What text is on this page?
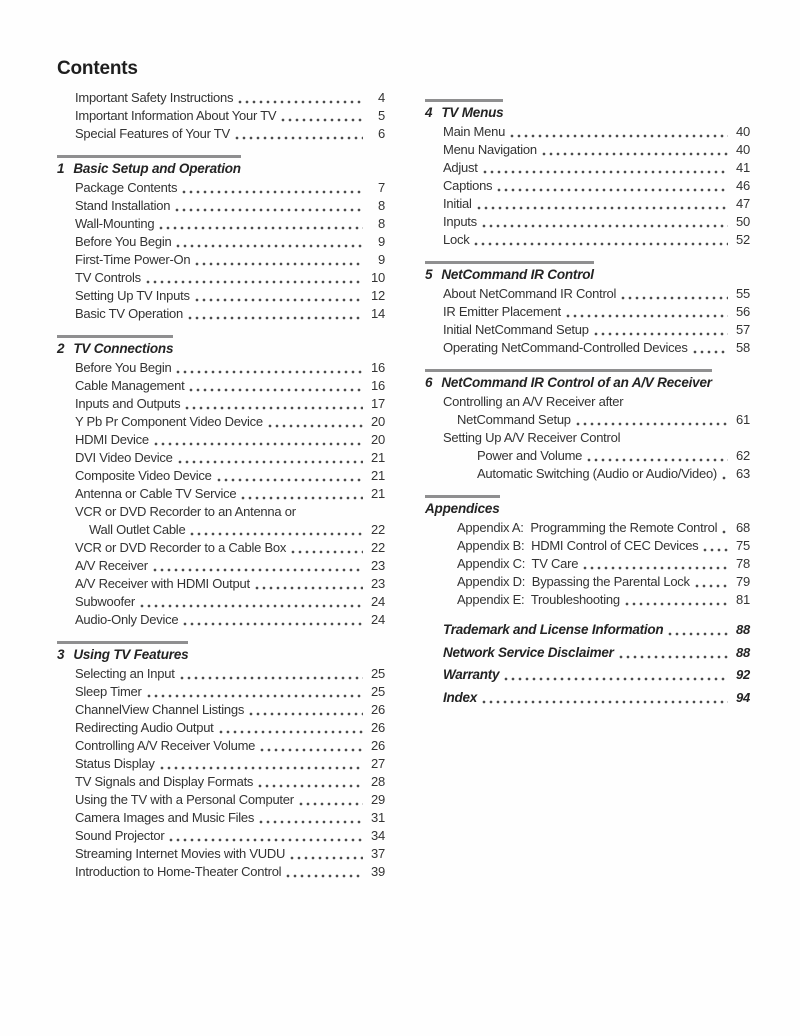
Contents
Important Safety Instructions	4
Important Information About Your TV	5
Special Features of Your TV	6
1 Basic Setup and Operation
Package Contents	7
Stand Installation	8
Wall-Mounting	8
Before You Begin	9
First-Time Power-On	9
TV Controls	10
Setting Up TV Inputs	12
Basic TV Operation	14
2 TV Connections
Before You Begin	16
Cable Management	16
Inputs and Outputs	17
Y Pb Pr Component Video Device	20
HDMI Device	20
DVI Video Device	21
Composite Video Device	21
Antenna or Cable TV Service	21
VCR or DVD Recorder to an Antenna or
Wall Outlet Cable	22
VCR or DVD Recorder to a Cable Box	22
A/V Receiver	23
A/V Receiver with HDMI Output	23
Subwoofer	24
Audio-Only Device	24
3 Using TV Features
Selecting an Input	25
Sleep Timer	25
ChannelView Channel Listings	26
Redirecting Audio Output	26
Controlling A/V Receiver Volume	26
Status Display	27
TV Signals and Display Formats	28
Using the TV with a Personal Computer	29
Camera Images and Music Files	31
Sound Projector	34
Streaming Internet Movies with VUDU	37
Introduction to Home-Theater Control	39
4 TV Menus
Main Menu	40
Menu Navigation	40
Adjust	41
Captions	46
Initial	47
Inputs	50
Lock	52
5 NetCommand IR Control
About NetCommand IR Control	55
IR Emitter Placement	56
Initial NetCommand Setup	57
Operating NetCommand-Controlled Devices	58
6 NetCommand IR Control of an A/V Receiver
Controlling an A/V Receiver after
NetCommand Setup	61
Setting Up A/V Receiver Control
Power and Volume	62
Automatic Switching (Audio or Audio/Video)	63
Appendices
Appendix A:  Programming the Remote Control	68
Appendix B:  HDMI Control of CEC Devices	75
Appendix C:  TV Care	78
Appendix D:  Bypassing the Parental Lock	79
Appendix E:  Troubleshooting	81
Trademark and License Information	88
Network Service Disclaimer	88
Warranty	92
Index	94
